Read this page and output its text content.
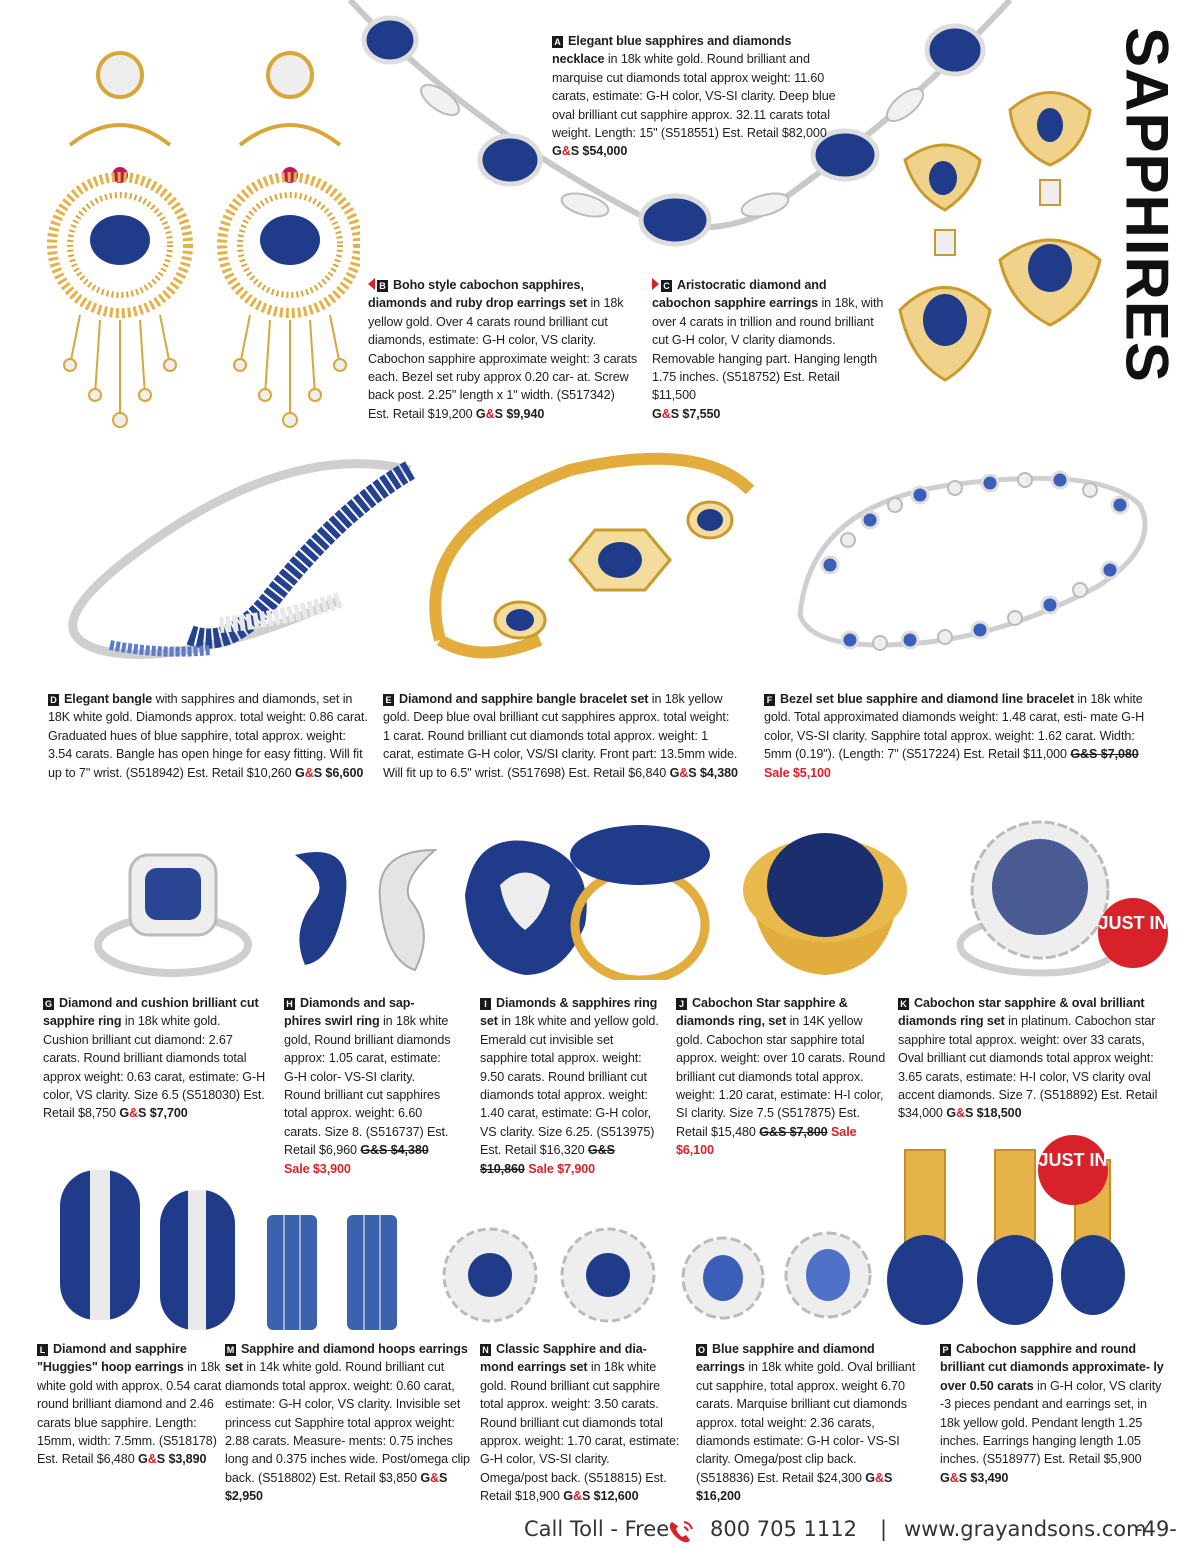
SAPPHIRES
JUST IN
JUST IN
A Elegant blue sapphires and diamonds necklace in 18k white gold. Round brilliant and marquise cut diamonds total approx weight: 11.60 carats, estimate: G-H color, VS-SI clarity. Deep blue oval brilliant cut sapphire approx. 32.11 carats total weight. Length: 15" (S518551) Est. Retail $82,000
G&S $54,000
B Boho style cabochon sapphires, diamonds and ruby drop earrings set in 18k yellow gold. Over 4 carats round brilliant cut diamonds, estimate: G-H color, VS clarity. Cabochon sapphire approximate weight: 3 carats each. Bezel set ruby approx 0.20 car- at. Screw back post. 2.25" length x 1" width. (S517342) Est. Retail $19,200 G&S $9,940
C Aristocratic diamond and cabochon sapphire earrings in 18k, with over 4 carats in trillion and round brilliant cut G-H color, V clarity diamonds. Removable hanging part. Hanging length 1.75 inches. (S518752) Est. Retail $11,500
G&S $7,550
D Elegant bangle with sapphires and diamonds, set in 18K white gold. Diamonds approx. total weight: 0.86 carat. Graduated hues of blue sapphire, total approx. weight: 3.54 carats. Bangle has open hinge for easy fitting. Will fit up to 7" wrist. (S518942) Est. Retail $10,260 G&S $6,600
E Diamond and sapphire bangle bracelet set in 18k yellow gold. Deep blue oval brilliant cut sapphires approx. total weight: 1 carat. Round brilliant cut diamonds total approx. weight: 1 carat, estimate G-H color, VS/SI clarity. Front part: 13.5mm wide. Will fit up to 6.5" wrist. (S517698) Est. Retail $6,840 G&S $4,380
F Bezel set blue sapphire and diamond line bracelet in 18k white gold. Total approximated diamonds weight: 1.48 carat, esti- mate G-H color, VS-SI clarity. Sapphire total approx. weight: 1.62 carat. Width: 5mm (0.19"). (Length: 7" (S517224) Est. Retail $11,000 G&S $7,080 Sale $5,100
G Diamond and cushion brilliant cut sapphire ring in 18k white gold. Cushion brilliant cut diamond: 2.67 carats. Round brilliant diamonds total approx weight: 0.63 carat, estimate: G-H color, VS clarity. Size 6.5 (S518030) Est. Retail $8,750 G&S $7,700
H Diamonds and sap- phires swirl ring in 18k white gold, Round brilliant diamonds approx: 1.05 carat, estimate: G-H color- VS-SI clarity. Round brilliant cut sapphires total approx. weight: 6.60 carats. Size 8. (S516737) Est. Retail $6,960 G&S $4,380 Sale $3,900
I Diamonds & sapphires ring set in 18k white and yellow gold. Emerald cut invisible set sapphire total approx. weight: 9.50 carats. Round brilliant cut diamonds total approx. weight: 1.40 carat, estimate: G-H color, VS clarity. Size 6.25. (S513975) Est. Retail $16,320 G&S $10,860 Sale $7,900
J Cabochon Star sapphire & diamonds ring, set in 14K yellow gold. Cabochon star sapphire total approx. weight: over 10 carats. Round brilliant cut diamonds total approx. weight: 1.20 carat, estimate: H-I color, SI clarity. Size 7.5 (S517875) Est. Retail $15,480 G&S $7,800 Sale $6,100
K Cabochon star sapphire & oval brilliant diamonds ring set in platinum. Cabochon star sapphire total approx. weight: over 33 carats, Oval brilliant cut diamonds total approx weight: 3.65 carats, estimate: H-I color, VS clarity oval accent diamonds. Size 7. (S518892) Est. Retail $34,000 G&S $18,500
L Diamond and sapphire "Huggies" hoop earrings in 18k white gold with approx. 0.54 carat round brilliant diamond and 2.46 carats blue sapphire. Length: 15mm, width: 7.5mm. (S518178) Est. Retail $6,480 G&S $3,890
M Sapphire and diamond hoops earrings set in 14k white gold. Round brilliant cut diamonds total approx. weight: 0.60 carat, estimate: G-H color, VS clarity. Invisible set princess cut Sapphire total approx weight: 2.88 carats. Measure- ments: 0.75 inches long and 0.375 inches wide. Post/omega clip back. (S518802) Est. Retail $3,850 G&S $2,950
N Classic Sapphire and dia- mond earrings set in 18k white gold. Round brilliant cut sapphire total approx. weight: 3.50 carats. Round brilliant cut diamonds total approx. weight: 1.70 carat, estimate: G-H color, VS-SI clarity. Omega/post back. (S518815) Est. Retail $18,900 G&S $12,600
O Blue sapphire and diamond earrings in 18k white gold. Oval brilliant cut sapphire, total approx. weight 6.70 carats. Marquise brilliant cut diamonds approx. total weight: 2.36 carats, diamonds estimate: G-H color- VS-SI clarity. Omega/post clip back. (S518836) Est. Retail $24,300 G&S $16,200
P Cabochon sapphire and round brilliant cut diamonds approximate- ly over 0.50 carats in G-H color, VS clarity -3 pieces pendant and earrings set, in 18k yellow gold. Pendant length 1.25 inches. Earrings hanging length 1.05 inches. (S518977) Est. Retail $5,900 G&S $3,490
Call Toll - Free 800 705 1112 | www.grayandsons.com
-49-
